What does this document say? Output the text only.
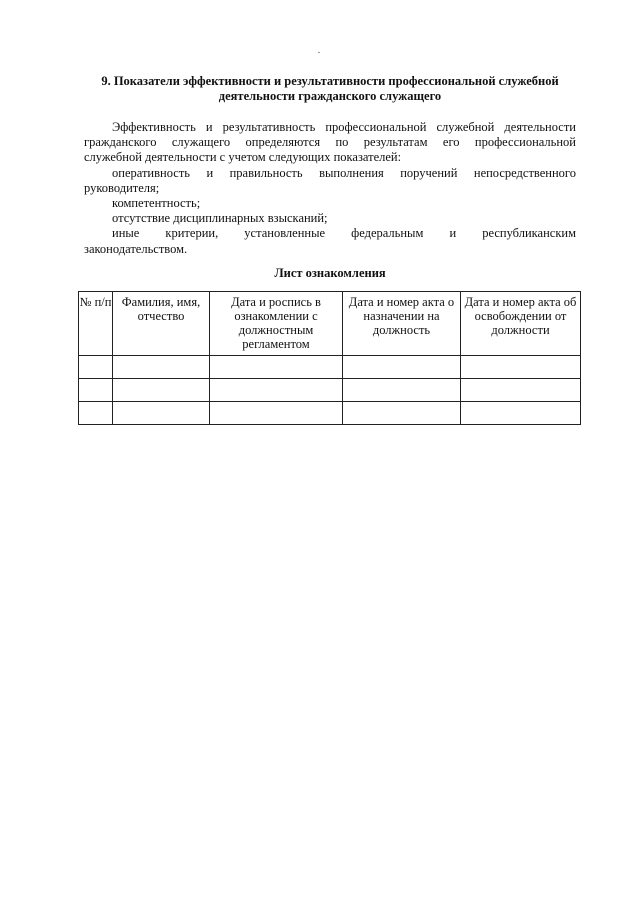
9. Показатели эффективности и результативности профессиональной служебной
деятельности гражданского служащего

Эффективность и результативность профессиональной служебной деятельности

гражданского служащего определяются по результатам его профессиональной

служебной деятельности с учетом следующих показателей:

оперативность и правильность выполнения поручений непосредственного

руководителя;

компетентность;

отсутствие дисциплинарных взысканий;

иные критерии, установленные федеральным и республиканским

законодательством.

Лист ознакомления
№ п/п	Фамилия, имя, отчество	Дата и роспись в ознакомлении с должностным регламентом	Дата и номер акта о назначении на должность	Дата и номер акта об освобождении от должности
